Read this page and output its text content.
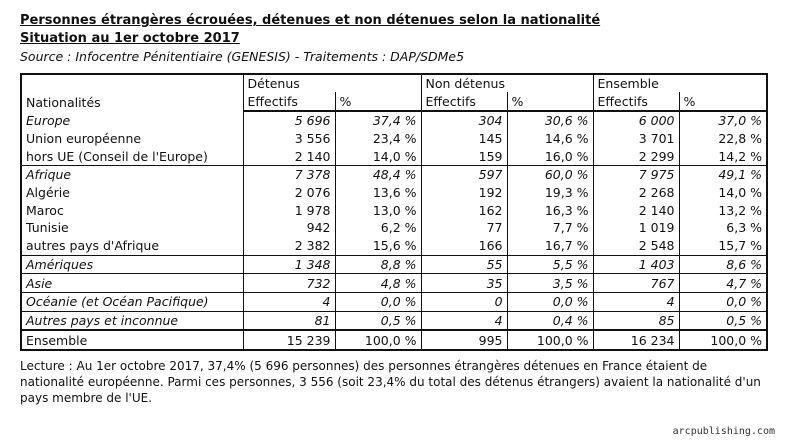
Personnes étrangères écrouées, détenues et non détenues selon la nationalité
Situation au 1er octobre 2017
Source : Infocentre Pénitentiaire (GENESIS) - Traitements : DAP/SDMe5
Nationalités	Détenus		Non détenus		Ensemble	
	Effectifs	%	Effectifs	%	Effectifs	%
Europe	5 696	37,4 %	304	30,6 %	6 000	37,0 %
Union européenne	3 556	23,4 %	145	14,6 %	3 701	22,8 %
hors UE (Conseil de l'Europe)	2 140	14,0 %	159	16,0 %	2 299	14,2 %
Afrique	7 378	48,4 %	597	60,0 %	7 975	49,1 %
Algérie	2 076	13,6 %	192	19,3 %	2 268	14,0 %
Maroc	1 978	13,0 %	162	16,3 %	2 140	13,2 %
Tunisie	942	6,2 %	77	7,7 %	1 019	6,3 %
autres pays d'Afrique	2 382	15,6 %	166	16,7 %	2 548	15,7 %
Amériques	1 348	8,8 %	55	5,5 %	1 403	8,6 %
Asie	732	4,8 %	35	3,5 %	767	4,7 %
Océanie (et Océan Pacifique)	4	0,0 %	0	0,0 %	4	0,0 %
Autres pays et inconnue	81	0,5 %	4	0,4 %	85	0,5 %
Ensemble	15 239	100,0 %	995	100,0 %	16 234	100,0 %
Lecture : Au 1er octobre 2017, 37,4% (5 696 personnes) des personnes étrangères détenues en France étaient de nationalité européenne. Parmi ces personnes, 3 556 (soit 23,4% du total des détenus étrangers) avaient la nationalité d'un pays membre de l'UE.
arcpublishing.com
